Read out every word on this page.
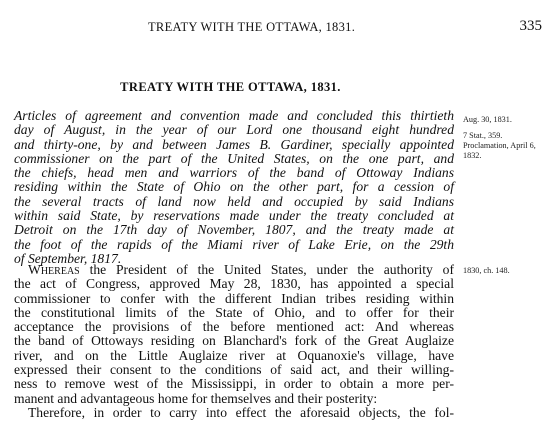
TREATY WITH THE OTTAWA, 1831.	335
TREATY WITH THE OTTAWA, 1831.
Articles of agreement and convention made and concluded this thirtieth
day of August, in the year of our Lord one thousand eight hundred
and thirty-one, by and between James B. Gardiner, specially appointed
commissioner on the part of the United States, on the one part, and
the chiefs, head men and warriors of the band of Ottoway Indians
residing within the State of Ohio on the other part, for a cession of
the several tracts of land now held and occupied by said Indians
within said State, by reservations made under the treaty concluded at
Detroit on the 17th day of November, 1807, and the treaty made at
the foot of the rapids of the Miami river of Lake Erie, on the 29th
of September, 1817.
Whereas the President of the United States, under the authority of
the act of Congress, approved May 28, 1830, has appointed a special
commissioner to confer with the different Indian tribes residing within
the constitutional limits of the State of Ohio, and to offer for their
acceptance the provisions of the before mentioned act: And whereas
the band of Ottoways residing on Blanchard's fork of the Great Auglaize
river, and on the Little Auglaize river at Oquanoxie's village, have
expressed their consent to the conditions of said act, and their willing-
ness to remove west of the Mississippi, in order to obtain a more per-
manent and advantageous home for themselves and their posterity:
Therefore, in order to carry into effect the aforesaid objects, the fol-
Aug. 30, 1831.
7 Stat., 359.
Proclamation, April 6, 1832.
1830, ch. 148.
